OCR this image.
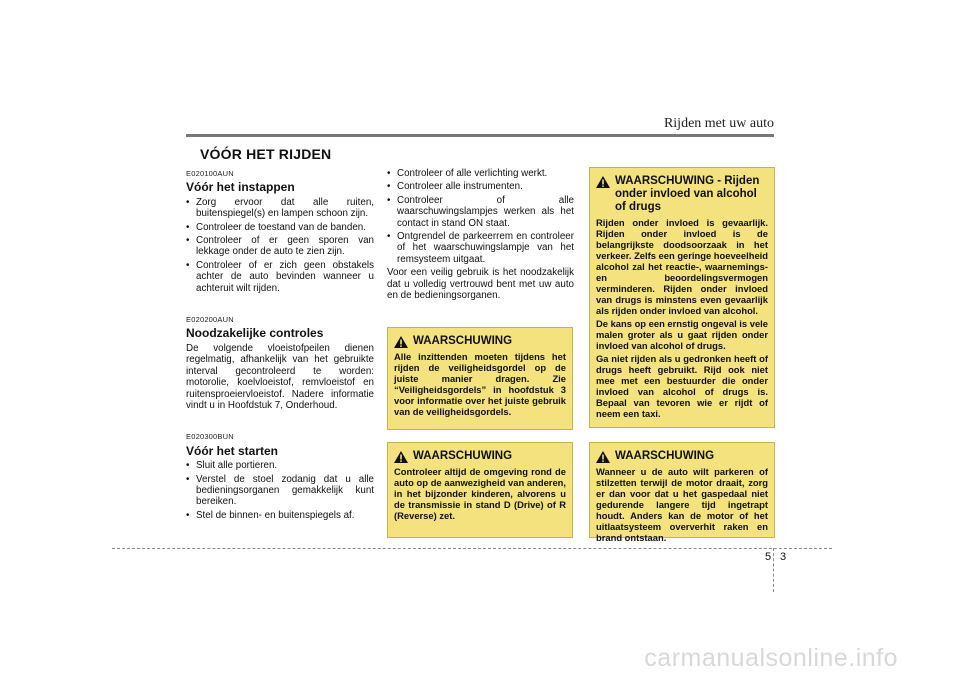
Rijden met uw auto
VÓÓR HET RIJDEN
E020100AUN
Vóór het instappen
• Zorg ervoor dat alle ruiten, buitenspiegel(s) en lampen schoon zijn.
• Controleer de toestand van de banden.
• Controleer of er geen sporen van lekkage onder de auto te zien zijn.
• Controleer of er zich geen obstakels achter de auto bevinden wanneer u achteruit wilt rijden.
E020200AUN
Noodzakelijke controles

De volgende vloeistofpeilen dienen regelmatig, afhankelijk van het gebruikte interval gecontroleerd te worden: motorolie, koelvloeistof, remvloeistof en ruitensproeiervloeistof. Nadere informatie vindt u in Hoofdstuk 7, Onderhoud.

E020300BUN
Vóór het starten
• Sluit alle portieren.
• Verstel de stoel zodanig dat u alle bedieningsorganen gemakkelijk kunt bereiken.
• Stel de binnen- en buitenspiegels af.
• Controleer of alle verlichting werkt.
• Controleer alle instrumenten.
• Controleer of alle waarschuwingslampjes werken als het contact in stand ON staat.
• Ontgrendel de parkeerrem en controleer of het waarschuwingslampje van het remsysteem uitgaat.

Voor een veilig gebruik is het noodzakelijk dat u volledig vertrouwd bent met uw auto en de bedieningsorganen.

WAARSCHUWING

Alle inzittenden moeten tijdens het rijden de veiligheidsgordel op de juiste manier dragen. Zie “Veiligheidsgordels” in hoofdstuk 3 voor informatie over het juiste gebruik van de veiligheidsgordels.

WAARSCHUWING

Controleer altijd de omgeving rond de auto op de aanwezigheid van anderen, in het bijzonder kinderen, alvorens u de transmissie in stand D (Drive) of R (Reverse) zet.

WAARSCHUWING - Rijden onder invloed van alcohol of drugs

Rijden onder invloed is gevaarlijk. Rijden onder invloed is de belangrijkste doodsoorzaak in het verkeer. Zelfs een geringe hoeveelheid alcohol zal het reactie-, waarnemings- en beoordelingsvermogen verminderen. Rijden onder invloed van drugs is minstens even gevaarlijk als rijden onder invloed van alcohol.

De kans op een ernstig ongeval is vele malen groter als u gaat rijden onder invloed van alcohol of drugs.

Ga niet rijden als u gedronken heeft of drugs heeft gebruikt. Rijd ook niet mee met een bestuurder die onder invloed van alcohol of drugs is. Bepaal van tevoren wie er rijdt of neem een taxi.

WAARSCHUWING

Wanneer u de auto wilt parkeren of stilzetten terwijl de motor draait, zorg er dan voor dat u het gaspedaal niet gedurende langere tijd ingetrapt houdt. Anders kan de motor of het uitlaatsysteem oververhit raken en brand ontstaan.

5 3
carmanualsonline.info
